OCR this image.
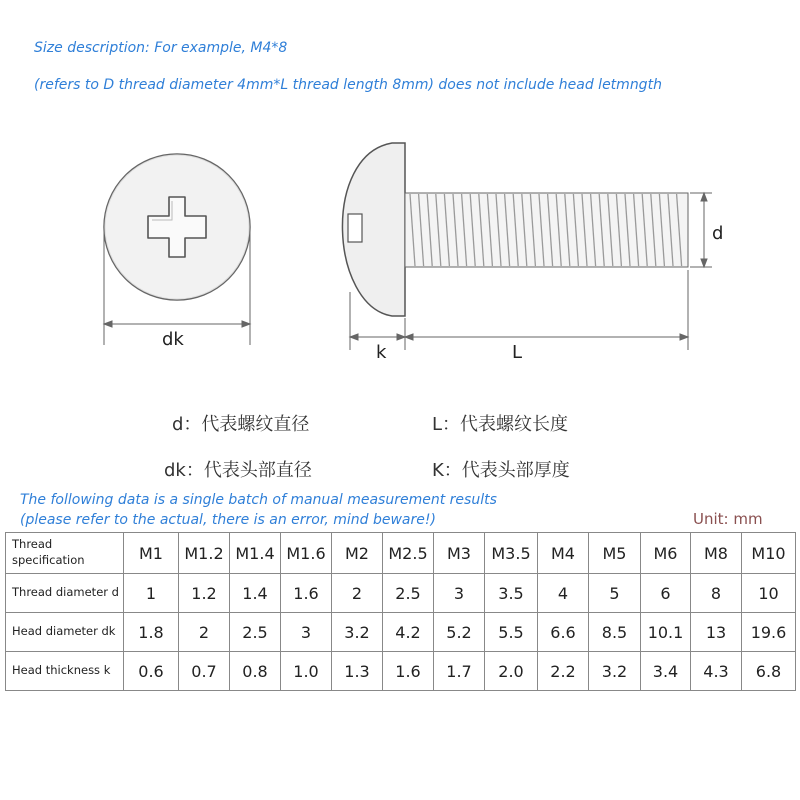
Size description: For example, M4*8
(refers to D thread diameter 4mm*L thread length 8mm) does not include head letmngth
dk
d
k	L
d：代表螺纹直径	L：代表螺纹长度
dk：代表头部直径	K：代表头部厚度
The following data is a single batch of manual measurement results
(please refer to the actual, there is an error, mind beware!)	Unit: mm
Thread specification	M1	M1.2	M1.4	M1.6	M2	M2.5	M3	M3.5	M4	M5	M6	M8	M10
Thread diameter d	1	1.2	1.4	1.6	2	2.5	3	3.5	4	5	6	8	10
Head diameter dk	1.8	2	2.5	3	3.2	4.2	5.2	5.5	6.6	8.5	10.1	13	19.6
Head thickness k	0.6	0.7	0.8	1.0	1.3	1.6	1.7	2.0	2.2	3.2	3.4	4.3	6.8
